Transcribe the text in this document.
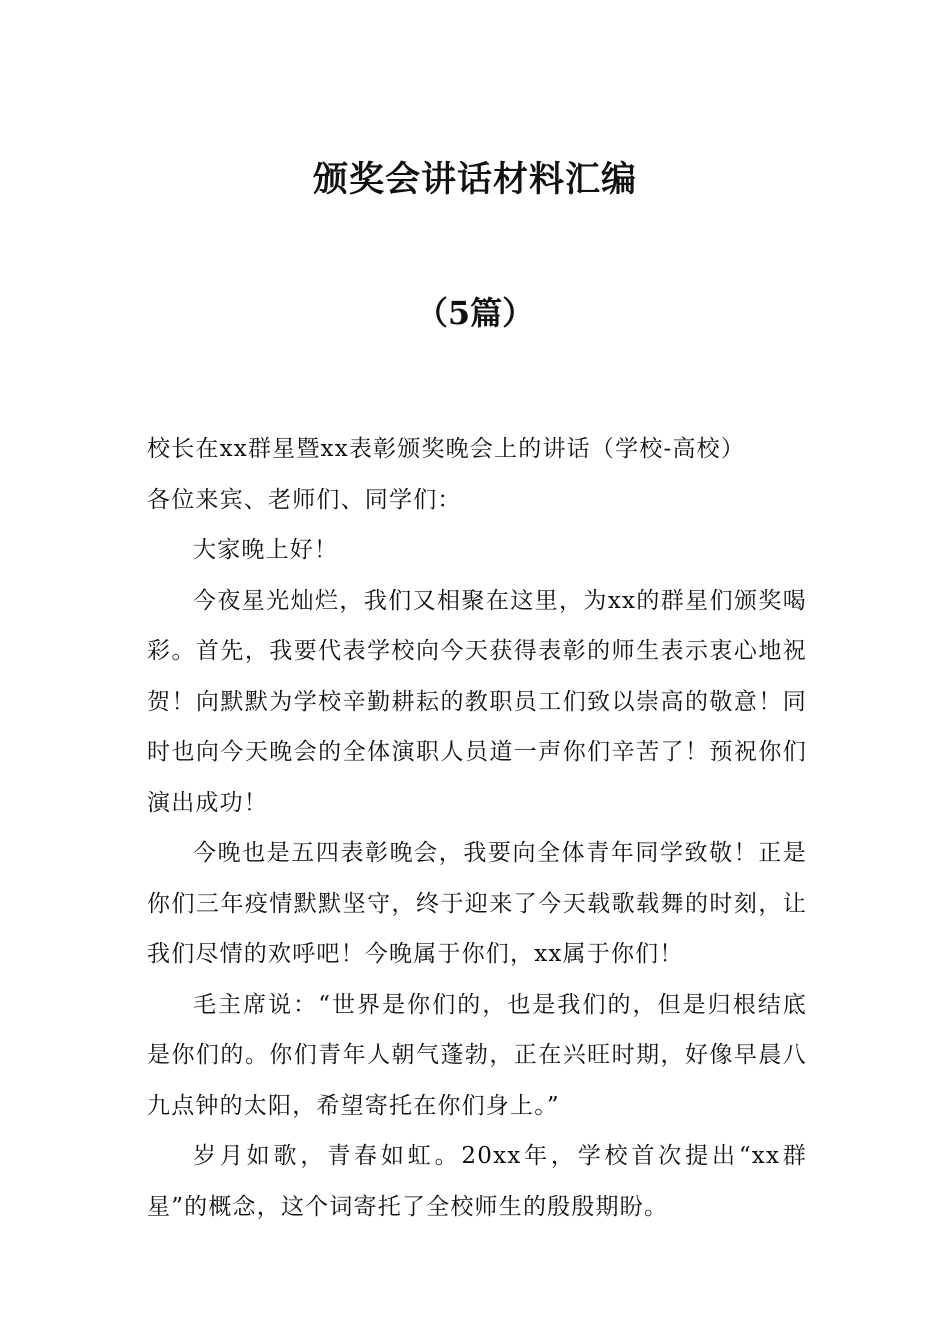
颁奖会讲话材料汇编
（5篇）

校长在xx群星暨xx表彰颁奖晚会上的讲话（学校-高校）

各位来宾、老师们、同学们：

大家晚上好！

今夜星光灿烂，我们又相聚在这里，为xx的群星们颁奖喝彩。首先，我要代表学校向今天获得表彰的师生表示衷心地祝贺！向默默为学校辛勤耕耘的教职员工们致以崇高的敬意！同时也向今天晚会的全体演职人员道一声你们辛苦了！预祝你们演出成功！

今晚也是五四表彰晚会，我要向全体青年同学致敬！正是你们三年疫情默默坚守，终于迎来了今天载歌载舞的时刻，让我们尽情的欢呼吧！今晚属于你们，xx属于你们！

毛主席说：“世界是你们的，也是我们的，但是归根结底是你们的。你们青年人朝气蓬勃，正在兴旺时期，好像早晨八九点钟的太阳，希望寄托在你们身上。”

岁月如歌，青春如虹。20xx年，学校首次提出“xx群星”的概念，这个词寄托了全校师生的殷殷期盼。
